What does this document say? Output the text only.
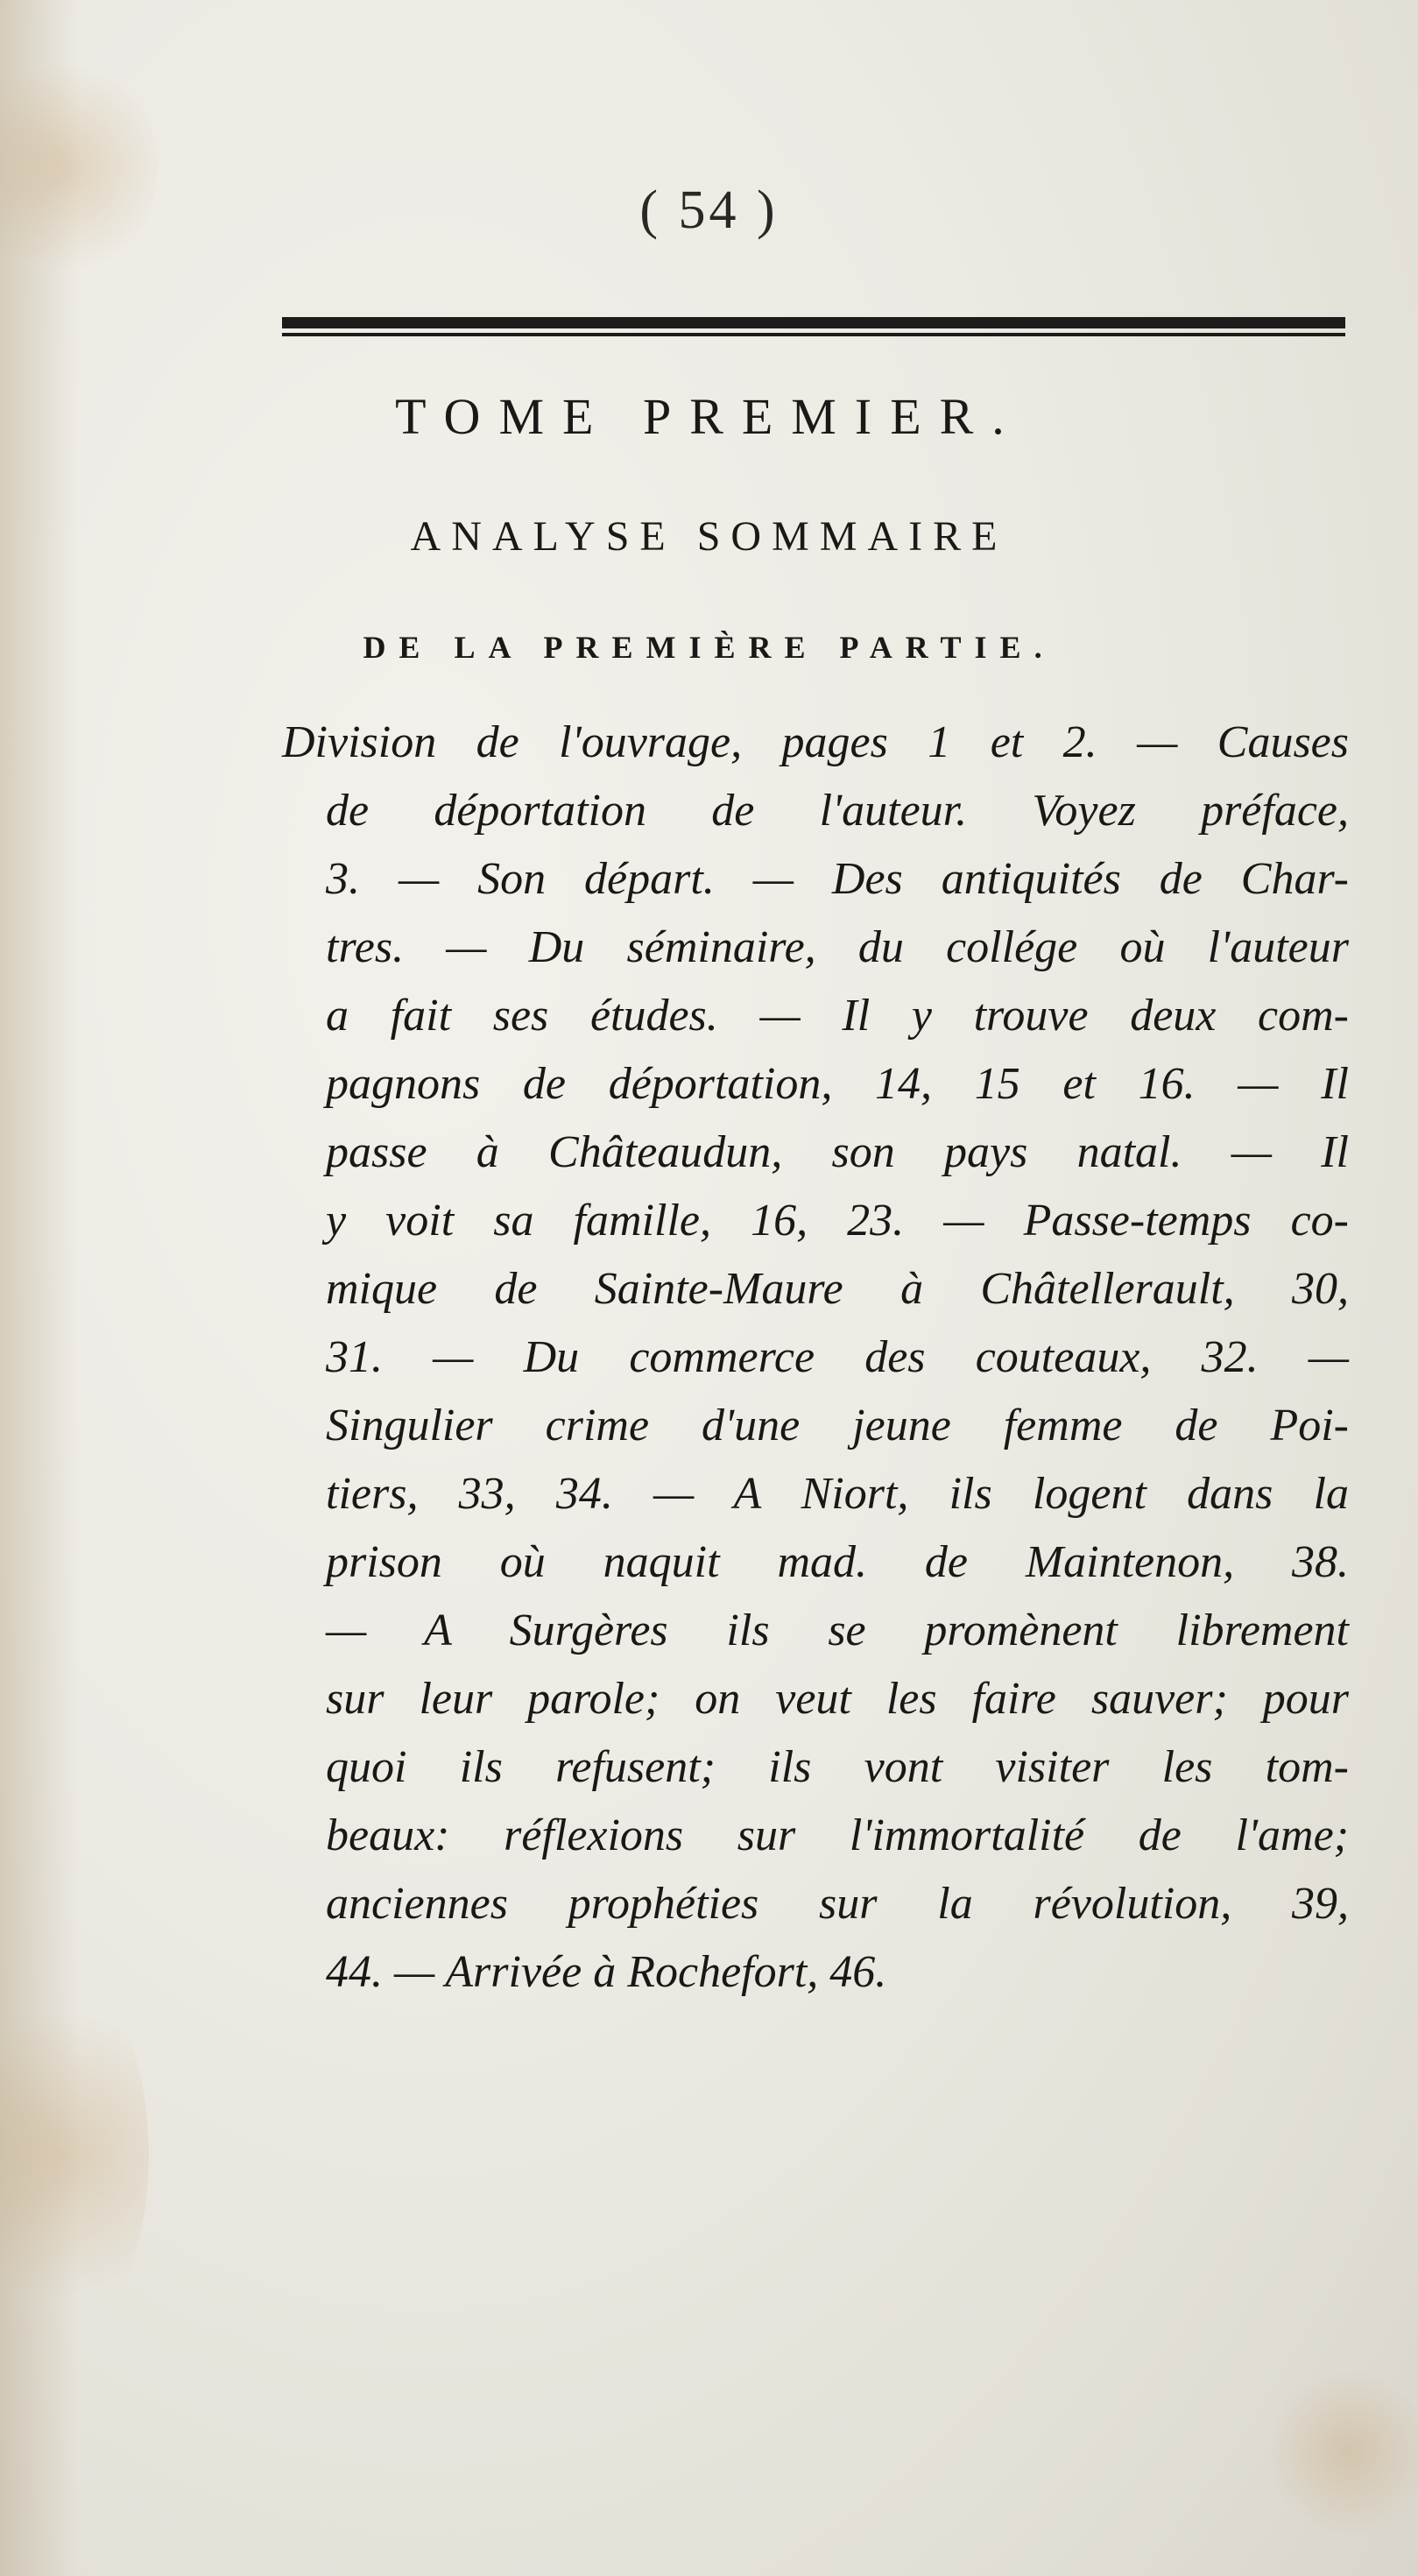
( 54 )
TOME PREMIER.
ANALYSE SOMMAIRE
DE LA PREMIÈRE PARTIE.
Division de l'ouvrage, pages 1 et 2. — Causes
de déportation de l'auteur. Voyez préface,
3. — Son départ. — Des antiquités de Char-
tres. — Du séminaire, du collége où l'auteur
a fait ses études. — Il y trouve deux com-
pagnons de déportation, 14, 15 et 16. — Il
passe à Châteaudun, son pays natal. — Il
y voit sa famille, 16, 23. — Passe-temps co-
mique de Sainte-Maure à Châtellerault, 30,
31. — Du commerce des couteaux, 32. —
Singulier crime d'une jeune femme de Poi-
tiers, 33, 34. — A Niort, ils logent dans la
prison où naquit mad. de Maintenon, 38.
— A Surgères ils se promènent librement
sur leur parole; on veut les faire sauver; pour
quoi ils refusent; ils vont visiter les tom-
beaux: réflexions sur l'immortalité de l'ame;
anciennes prophéties sur la révolution, 39,
44. — Arrivée à Rochefort, 46.
